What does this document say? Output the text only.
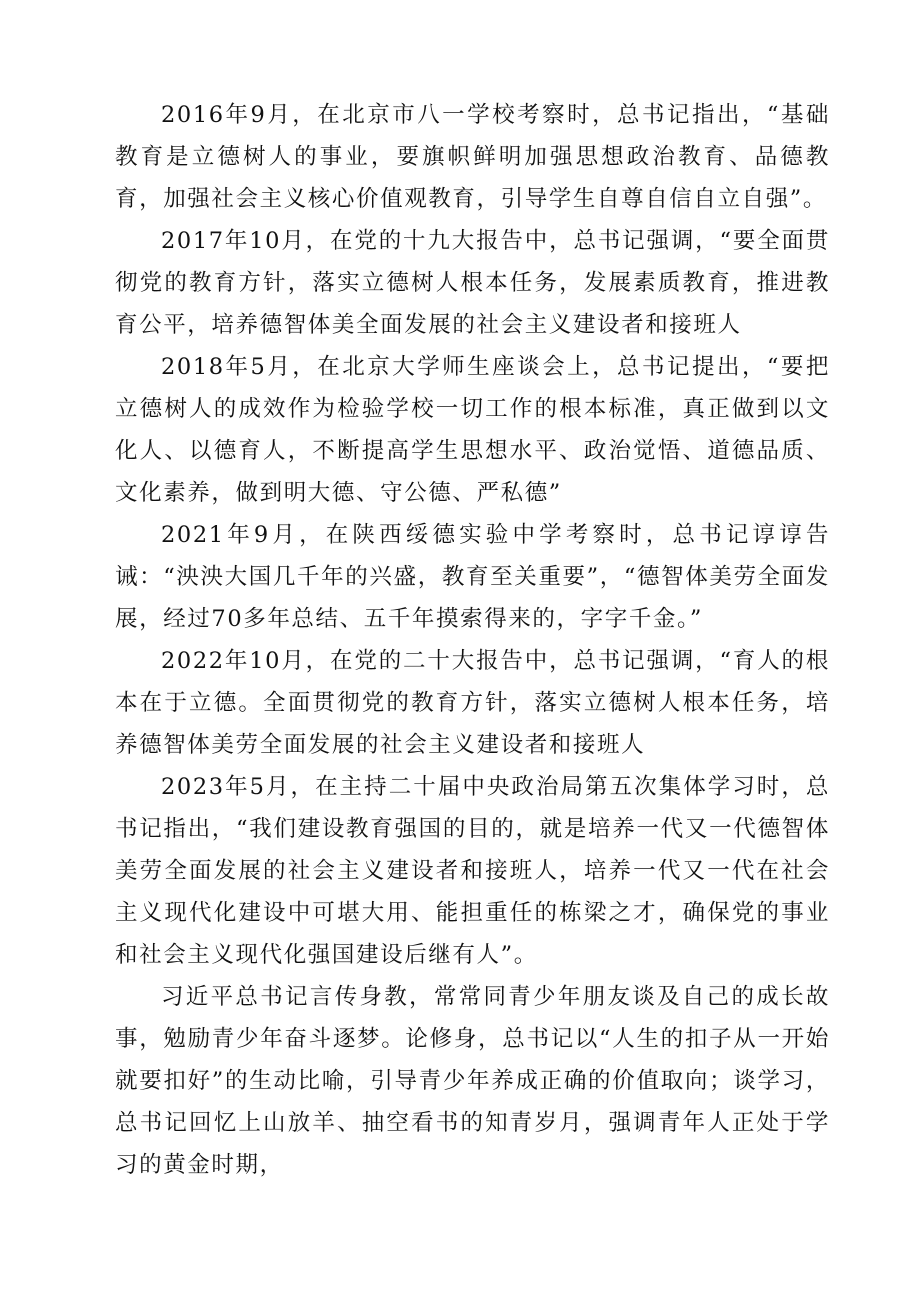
2016年9月，在北京市八一学校考察时，总书记指出，“基础教育是立德树人的事业，要旗帜鲜明加强思想政治教育、品德教育，加强社会主义核心价值观教育，引导学生自尊自信自立自强”。

2017年10月，在党的十九大报告中，总书记强调，“要全面贯彻党的教育方针，落实立德树人根本任务，发展素质教育，推进教育公平，培养德智体美全面发展的社会主义建设者和接班人

2018年5月，在北京大学师生座谈会上，总书记提出，“要把立德树人的成效作为检验学校一切工作的根本标准，真正做到以文化人、以德育人，不断提高学生思想水平、政治觉悟、道德品质、文化素养，做到明大德、守公德、严私德”

2021年9月，在陕西绥德实验中学考察时，总书记谆谆告诫：“泱泱大国几千年的兴盛，教育至关重要”，“德智体美劳全面发展，经过70多年总结、五千年摸索得来的，字字千金。”

2022年10月，在党的二十大报告中，总书记强调，“育人的根本在于立德。全面贯彻党的教育方针，落实立德树人根本任务，培养德智体美劳全面发展的社会主义建设者和接班人

2023年5月，在主持二十届中央政治局第五次集体学习时，总书记指出，“我们建设教育强国的目的，就是培养一代又一代德智体美劳全面发展的社会主义建设者和接班人，培养一代又一代在社会主义现代化建设中可堪大用、能担重任的栋梁之才，确保党的事业和社会主义现代化强国建设后继有人”。

习近平总书记言传身教，常常同青少年朋友谈及自己的成长故事，勉励青少年奋斗逐梦。论修身，总书记以“人生的扣子从一开始就要扣好”的生动比喻，引导青少年养成正确的价值取向；谈学习，总书记回忆上山放羊、抽空看书的知青岁月，强调青年人正处于学习的黄金时期，
